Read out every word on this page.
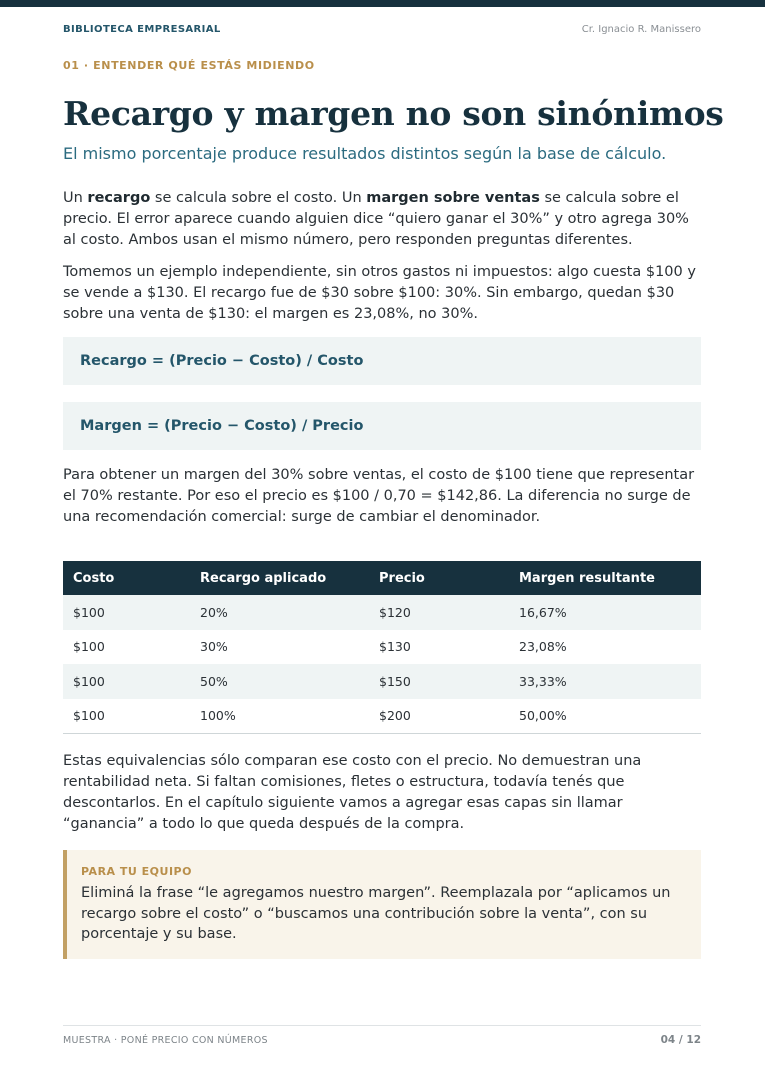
BIBLIOTECA EMPRESARIAL	Cr. Ignacio R. Manissero
01 · ENTENDER QUÉ ESTÁS MIDIENDO
Recargo y margen no son sinónimos
El mismo porcentaje produce resultados distintos según la base de cálculo.

Un recargo se calcula sobre el costo. Un margen sobre ventas se calcula sobre el precio. El error aparece cuando alguien dice “quiero ganar el 30%” y otro agrega 30% al costo. Ambos usan el mismo número, pero responden preguntas diferentes.

Tomemos un ejemplo independiente, sin otros gastos ni impuestos: algo cuesta $100 y se vende a $130. El recargo fue de $30 sobre $100: 30%. Sin embargo, quedan $30 sobre una venta de $130: el margen es 23,08%, no 30%.

Recargo = (Precio − Costo) / Costo
Margen = (Precio − Costo) / Precio

Para obtener un margen del 30% sobre ventas, el costo de $100 tiene que representar el 70% restante. Por eso el precio es $100 / 0,70 = $142,86. La diferencia no surge de una recomendación comercial: surge de cambiar el denominador.

Costo	Recargo aplicado	Precio	Margen resultante
$100	20%	$120	16,67%
$100	30%	$130	23,08%
$100	50%	$150	33,33%
$100	100%	$200	50,00%

Estas equivalencias sólo comparan ese costo con el precio. No demuestran una rentabilidad neta. Si faltan comisiones, fletes o estructura, todavía tenés que descontarlos. En el capítulo siguiente vamos a agregar esas capas sin llamar “ganancia” a todo lo que queda después de la compra.

PARA TU EQUIPO
Eliminá la frase “le agregamos nuestro margen”. Reemplazala por “aplicamos un recargo sobre el costo” o “buscamos una contribución sobre la venta”, con su porcentaje y su base.
MUESTRA · PONÉ PRECIO CON NÚMEROS	04 / 12
